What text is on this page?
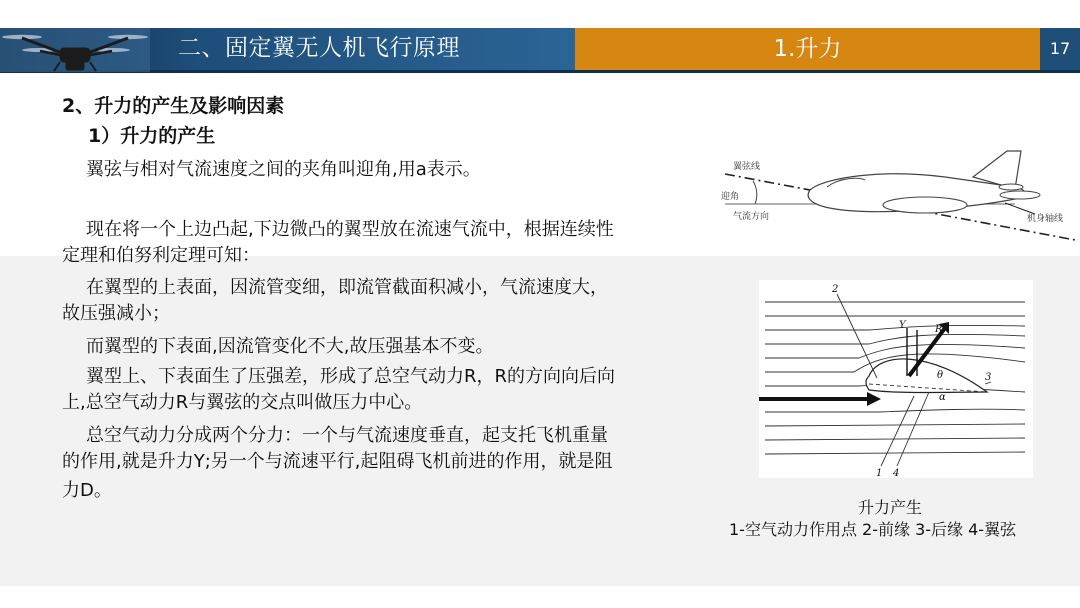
二、固定翼无人机飞行原理	1.升力	17
2、升力的产生及影响因素
1）升力的产生
翼弦与相对气流速度之间的夹角叫迎角,用a表示。
现在将一个上边凸起,下边微凸的翼型放在流速气流中，根据连续性
定理和伯努利定理可知：
在翼型的上表面，因流管变细，即流管截面积减小，气流速度大，
故压强减小；
而翼型的下表面,因流管变化不大,故压强基本不变。
翼型上、下表面生了压强差，形成了总空气动力R，R的方向向后向
上,总空气动力R与翼弦的交点叫做压力中心。
总空气动力分成两个分力：一个与气流速度垂直，起支托飞机重量
的作用,就是升力Y;另一个与流速平行,起阻碍飞机前进的作用，就是阻
力D。
翼弦线
迎角
气流方向	机身轴线
2
Y	R
θ	3
α
1 4
升力产生
1-空气动力作用点 2-前缘 3-后缘 4-翼弦
